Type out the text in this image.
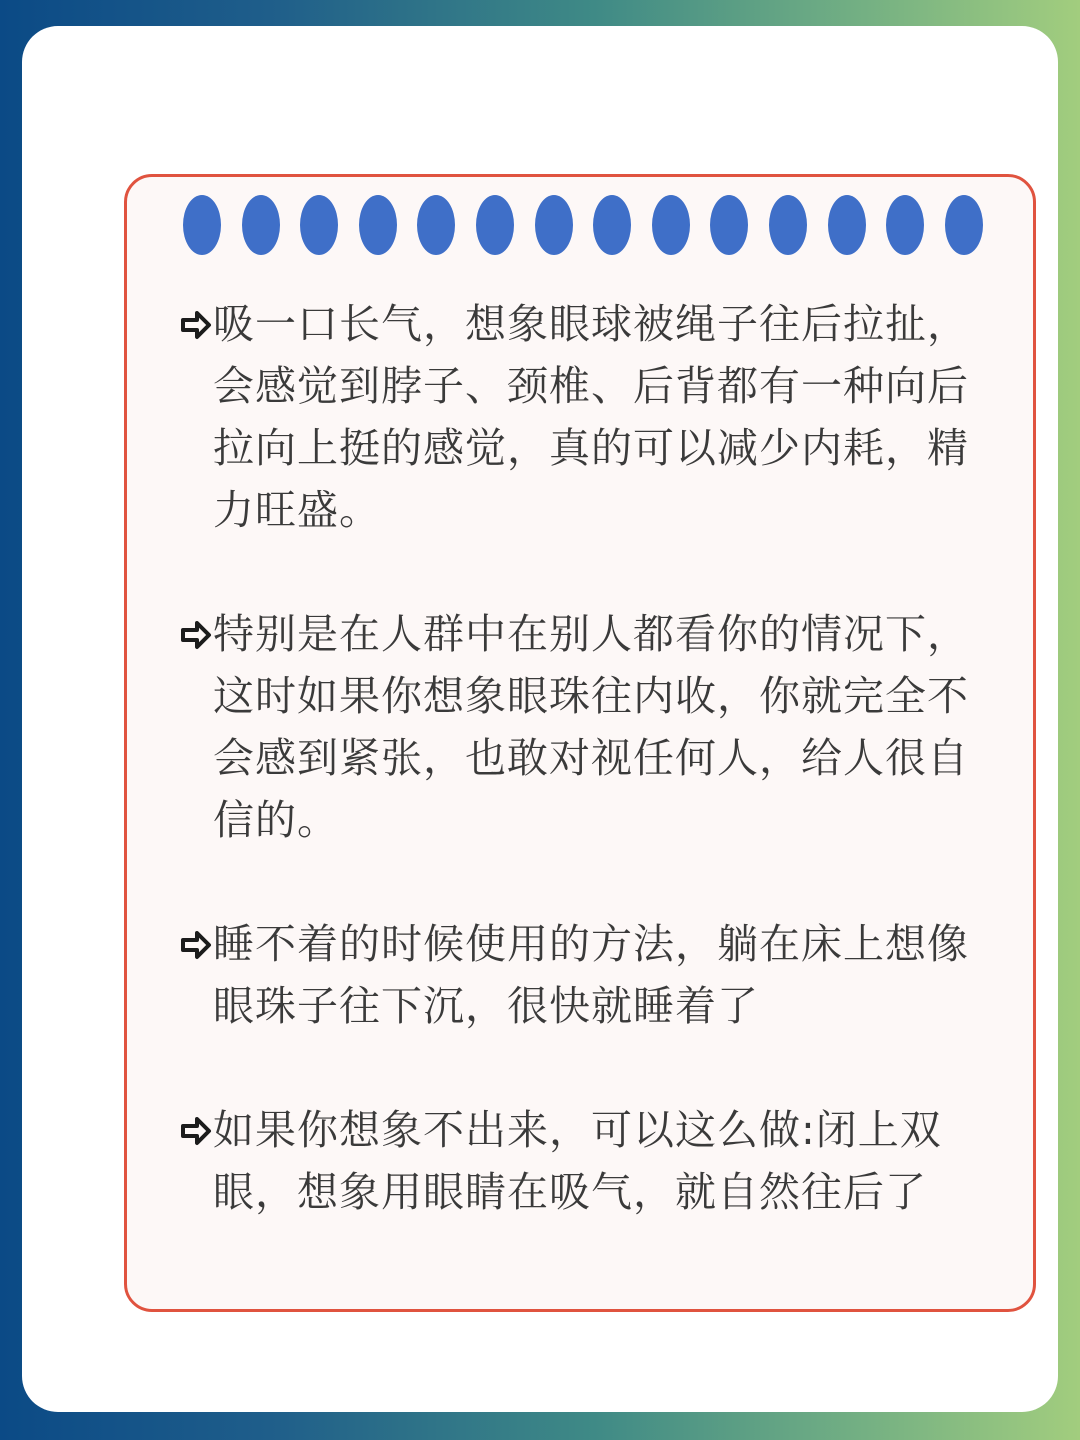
吸一口长气，想象眼球被绳子往后拉扯，会感觉到脖子、颈椎、后背都有一种向后拉向上挺的感觉，真的可以减少内耗，精力旺盛。

特别是在人群中在别人都看你的情况下，这时如果你想象眼珠往内收，你就完全不会感到紧张，也敢对视任何人，给人很自信的。

睡不着的时候使用的方法，躺在床上想像眼珠子往下沉，很快就睡着了

如果你想象不出来，可以这么做:闭上双眼，想象用眼睛在吸气，就自然往后了
